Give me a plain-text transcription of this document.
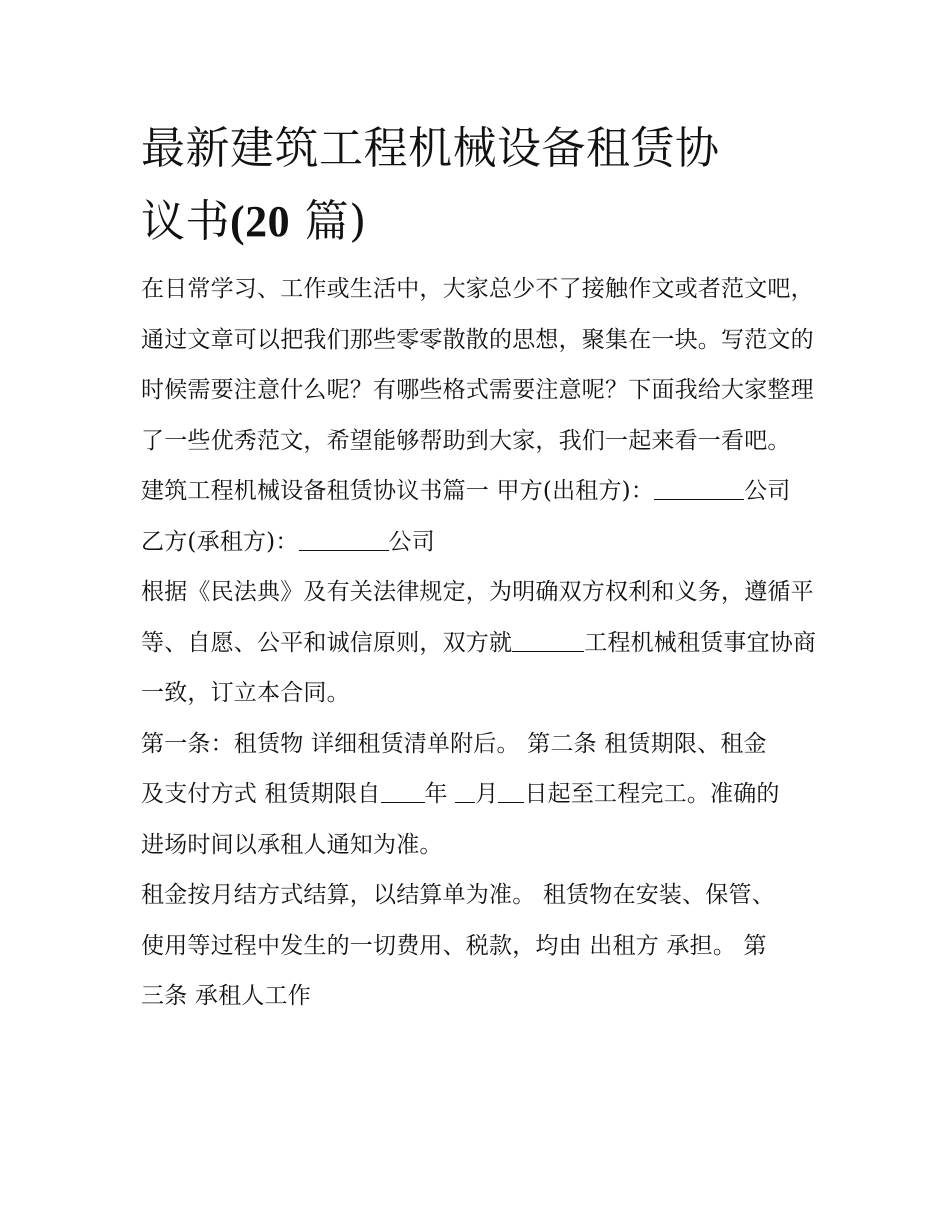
最新建筑工程机械设备租赁协
议书(20 篇)

在日常学习、工作或生活中，大家总少不了接触作文或者范文吧，通过文章可以把我们那些零零散散的思想，聚集在一块。写范文的时候需要注意什么呢？有哪些格式需要注意呢？下面我给大家整理了一些优秀范文，希望能够帮助到大家，我们一起来看一看吧。

建筑工程机械设备租赁协议书篇一 甲方(出租方)：	公司 乙方(承租方)：	公司

根据《民法典》及有关法律规定，为明确双方权利和义务，遵循平等、自愿、公平和诚信原则，双方就	工程机械租赁事宜协商一致，订立本合同。

第一条：租赁物 详细租赁清单附后。 第二条 租赁期限、租金及支付方式 租赁期限自 年 月 日起至工程完工。准确的进场时间以承租人通知为准。

租金按月结方式结算，以结算单为准。 租赁物在安装、保管、使用等过程中发生的一切费用、税款，均由 出租方 承担。 第三条 承租人工作
